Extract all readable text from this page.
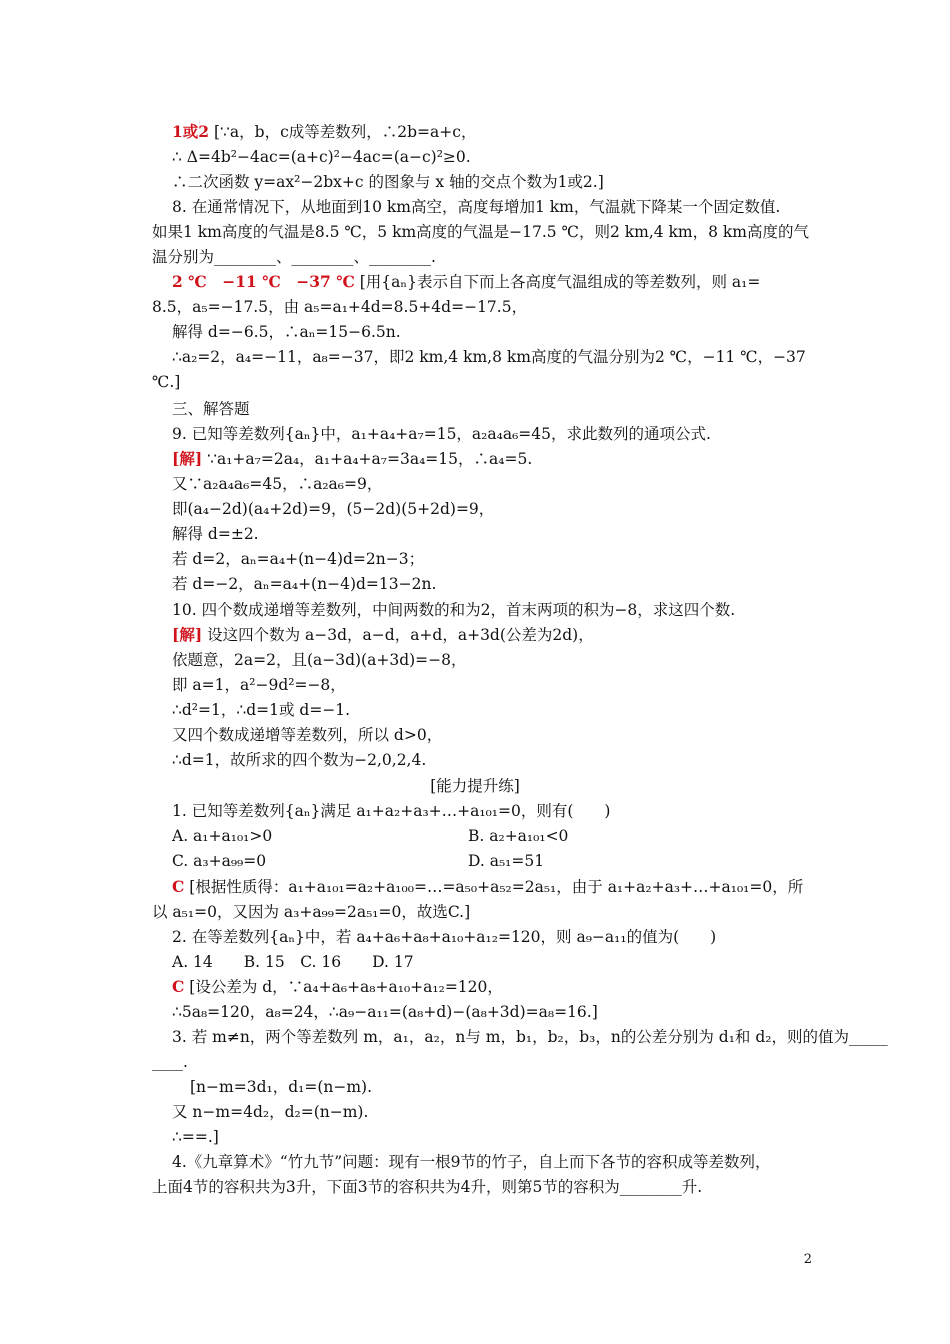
1或2 [∵a，b，c成等差数列，∴2b=a+c，
∴ Δ=4b²−4ac=(a+c)²−4ac=(a−c)²≥0.
∴二次函数 y=ax²−2bx+c 的图象与 x 轴的交点个数为1或2.]
8. 在通常情况下，从地面到10 km高空，高度每增加1 km，气温就下降某一个固定数值.
如果1 km高度的气温是8.5 ℃，5 km高度的气温是−17.5 ℃，则2 km,4 km，8 km高度的气
温分别为________、________、________.
2 ℃　−11 ℃　−37 ℃ [用{aₙ}表示自下而上各高度气温组成的等差数列，则 a₁=
8.5，a₅=−17.5，由 a₅=a₁+4d=8.5+4d=−17.5，
解得 d=−6.5，∴aₙ=15−6.5n.
∴a₂=2，a₄=−11，a₈=−37，即2 km,4 km,8 km高度的气温分别为2 ℃，−11 ℃，−37
℃.]
三、解答题
9. 已知等差数列{aₙ}中，a₁+a₄+a₇=15，a₂a₄a₆=45，求此数列的通项公式.
[解] ∵a₁+a₇=2a₄，a₁+a₄+a₇=3a₄=15，∴a₄=5.
又∵a₂a₄a₆=45，∴a₂a₆=9，
即(a₄−2d)(a₄+2d)=9，(5−2d)(5+2d)=9，
解得 d=±2.
若 d=2，aₙ=a₄+(n−4)d=2n−3；
若 d=−2，aₙ=a₄+(n−4)d=13−2n.
10. 四个数成递增等差数列，中间两数的和为2，首末两项的积为−8，求这四个数.
[解] 设这四个数为 a−3d，a−d，a+d，a+3d(公差为2d)，
依题意，2a=2，且(a−3d)(a+3d)=−8，
即 a=1，a²−9d²=−8，
∴d²=1，∴d=1或 d=−1.
又四个数成递增等差数列，所以 d>0，
∴d=1，故所求的四个数为−2,0,2,4.
[能力提升练]
1. 已知等差数列{aₙ}满足 a₁+a₂+a₃+…+a₁₀₁=0，则有(　　)
A. a₁+a₁₀₁>0	B. a₂+a₁₀₁<0
C. a₃+a₉₉=0	D. a₅₁=51
C [根据性质得：a₁+a₁₀₁=a₂+a₁₀₀=…=a₅₀+a₅₂=2a₅₁，由于 a₁+a₂+a₃+…+a₁₀₁=0，所
以 a₅₁=0，又因为 a₃+a₉₉=2a₅₁=0，故选C.]
2. 在等差数列{aₙ}中，若 a₄+a₆+a₈+a₁₀+a₁₂=120，则 a₉−a₁₁的值为(　　)
A. 14　　B. 15　C. 16　　D. 17
C [设公差为 d，∵a₄+a₆+a₈+a₁₀+a₁₂=120，
∴5a₈=120，a₈=24，∴a₉−a₁₁=(a₈+d)−(a₈+3d)=a₈=16.]
3. 若 m≠n，两个等差数列 m，a₁，a₂，n与 m，b₁，b₂，b₃，n的公差分别为 d₁和 d₂，则的值为_____
____.
[n−m=3d₁，d₁=(n−m).
又 n−m=4d₂，d₂=(n−m).
∴==.]
4.《九章算术》“竹九节”问题：现有一根9节的竹子，自上而下各节的容积成等差数列，
上面4节的容积共为3升，下面3节的容积共为4升，则第5节的容积为________升.
2
